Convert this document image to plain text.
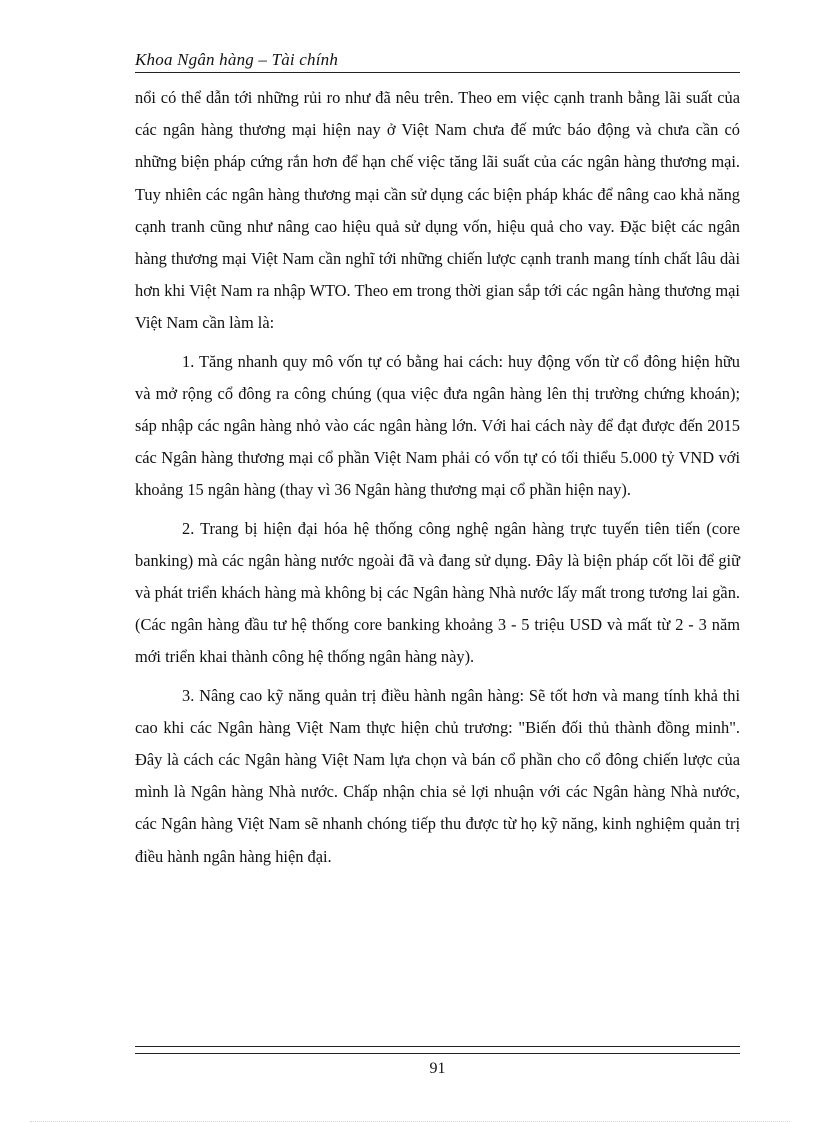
Khoa Ngân hàng – Tài chính

nổi có thể dẫn tới những rủi ro như đã nêu trên. Theo em việc cạnh tranh bằng lãi suất của các ngân hàng thương mại hiện nay ở Việt Nam chưa đế mức báo động và chưa cần có những biện pháp cứng rắn hơn để hạn chế việc tăng lãi suất của các ngân hàng thương mại. Tuy nhiên các ngân hàng thương mại cần sử dụng các biện pháp khác để nâng cao khả năng cạnh tranh cũng như nâng cao hiệu quả sử dụng vốn, hiệu quả cho vay. Đặc biệt các ngân hàng thương mại Việt Nam cần nghĩ tới những chiến lược cạnh tranh mang tính chất lâu dài hơn khi Việt Nam ra nhập WTO. Theo em trong thời gian sắp tới các ngân hàng thương mại Việt Nam cần làm là:

1. Tăng nhanh quy mô vốn tự có bằng hai cách: huy động vốn từ cổ đông hiện hữu và mở rộng cổ đông ra công chúng (qua việc đưa ngân hàng lên thị trường chứng khoán); sáp nhập các ngân hàng nhỏ vào các ngân hàng lớn. Với hai cách này để đạt được đến 2015 các Ngân hàng thương mại cổ phần Việt Nam phải có vốn tự có tối thiểu 5.000 tỷ VND với khoảng 15 ngân hàng (thay vì 36 Ngân hàng thương mại cổ phần hiện nay).

2. Trang bị hiện đại hóa hệ thống công nghệ ngân hàng trực tuyến tiên tiến (core banking) mà các ngân hàng nước ngoài đã và đang sử dụng. Đây là biện pháp cốt lõi để giữ và phát triển khách hàng mà không bị các Ngân hàng Nhà nước lấy mất trong tương lai gần. (Các ngân hàng đầu tư hệ thống core banking khoảng 3 - 5 triệu USD và mất từ 2 - 3 năm mới triển khai thành công hệ thống ngân hàng này).

3. Nâng cao kỹ năng quản trị điều hành ngân hàng: Sẽ tốt hơn và mang tính khả thi cao khi các Ngân hàng Việt Nam thực hiện chủ trương: "Biến đối thủ thành đồng minh". Đây là cách các Ngân hàng Việt Nam lựa chọn và bán cổ phần cho cổ đông chiến lược của mình là Ngân hàng Nhà nước. Chấp nhận chia sẻ lợi nhuận với các Ngân hàng Nhà nước, các Ngân hàng Việt Nam sẽ nhanh chóng tiếp thu được từ họ kỹ năng, kinh nghiệm quản trị điều hành ngân hàng hiện đại.

91
